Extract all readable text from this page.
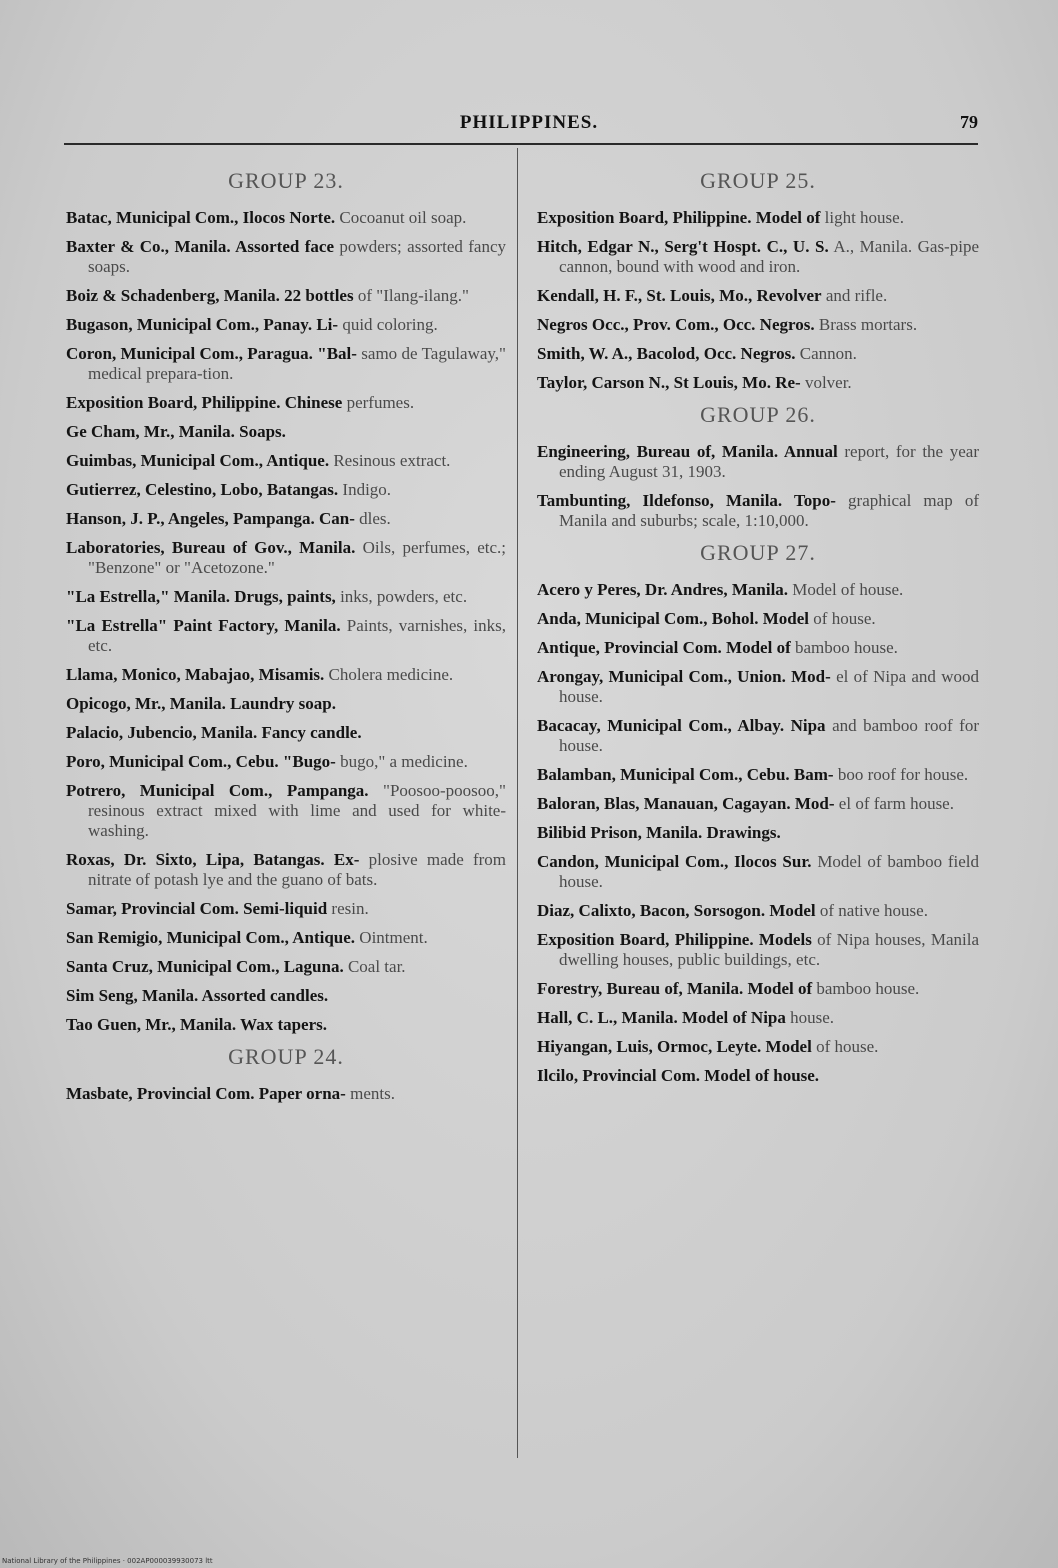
PHILIPPINES.	79
GROUP 23.
Batac, Municipal Com., Ilocos Norte. Cocoanut oil soap.
Baxter & Co., Manila. Assorted face powders; assorted fancy soaps.
Boiz & Schadenberg, Manila. 22 bottles of "Ilang-ilang."
Bugason, Municipal Com., Panay. Li- quid coloring.
Coron, Municipal Com., Paragua. "Bal- samo de Tagulaway," medical prepara-tion.
Exposition Board, Philippine. Chinese perfumes.
Ge Cham, Mr., Manila. Soaps.
Guimbas, Municipal Com., Antique. Resinous extract.
Gutierrez, Celestino, Lobo, Batangas. Indigo.
Hanson, J. P., Angeles, Pampanga. Can- dles.
Laboratories, Bureau of Gov., Manila. Oils, perfumes, etc.; "Benzone" or "Acetozone."
"La Estrella," Manila. Drugs, paints, inks, powders, etc.
"La Estrella" Paint Factory, Manila. Paints, varnishes, inks, etc.
Llama, Monico, Mabajao, Misamis. Cholera medicine.
Opicogo, Mr., Manila. Laundry soap.
Palacio, Jubencio, Manila. Fancy candle.
Poro, Municipal Com., Cebu. "Bugo- bugo," a medicine.
Potrero, Municipal Com., Pampanga. "Poosoo-poosoo," resinous extract mixed with lime and used for white-washing.
Roxas, Dr. Sixto, Lipa, Batangas. Ex- plosive made from nitrate of potash lye and the guano of bats.
Samar, Provincial Com. Semi-liquid resin.
San Remigio, Municipal Com., Antique. Ointment.
Santa Cruz, Municipal Com., Laguna. Coal tar.
Sim Seng, Manila. Assorted candles.
Tao Guen, Mr., Manila. Wax tapers.
GROUP 24.
Masbate, Provincial Com. Paper orna- ments.
GROUP 25.
Exposition Board, Philippine. Model of light house.
Hitch, Edgar N., Serg't Hospt. C., U. S. A., Manila. Gas-pipe cannon, bound with wood and iron.
Kendall, H. F., St. Louis, Mo., Revolver and rifle.
Negros Occ., Prov. Com., Occ. Negros. Brass mortars.
Smith, W. A., Bacolod, Occ. Negros. Cannon.
Taylor, Carson N., St Louis, Mo. Re- volver.
GROUP 26.
Engineering, Bureau of, Manila. Annual report, for the year ending August 31, 1903.
Tambunting, Ildefonso, Manila. Topo- graphical map of Manila and suburbs; scale, 1:10,000.
GROUP 27.
Acero y Peres, Dr. Andres, Manila. Model of house.
Anda, Municipal Com., Bohol. Model of house.
Antique, Provincial Com. Model of bamboo house.
Arongay, Municipal Com., Union. Mod- el of Nipa and wood house.
Bacacay, Municipal Com., Albay. Nipa and bamboo roof for house.
Balamban, Municipal Com., Cebu. Bam- boo roof for house.
Baloran, Blas, Manauan, Cagayan. Mod- el of farm house.
Bilibid Prison, Manila. Drawings.
Candon, Municipal Com., Ilocos Sur. Model of bamboo field house.
Diaz, Calixto, Bacon, Sorsogon. Model of native house.
Exposition Board, Philippine. Models of Nipa houses, Manila dwelling houses, public buildings, etc.
Forestry, Bureau of, Manila. Model of bamboo house.
Hall, C. L., Manila. Model of Nipa house.
Hiyangan, Luis, Ormoc, Leyte. Model of house.
Ilcilo, Provincial Com. Model of house.
National Library of the Philippines · 002AP000039930073 ltt
